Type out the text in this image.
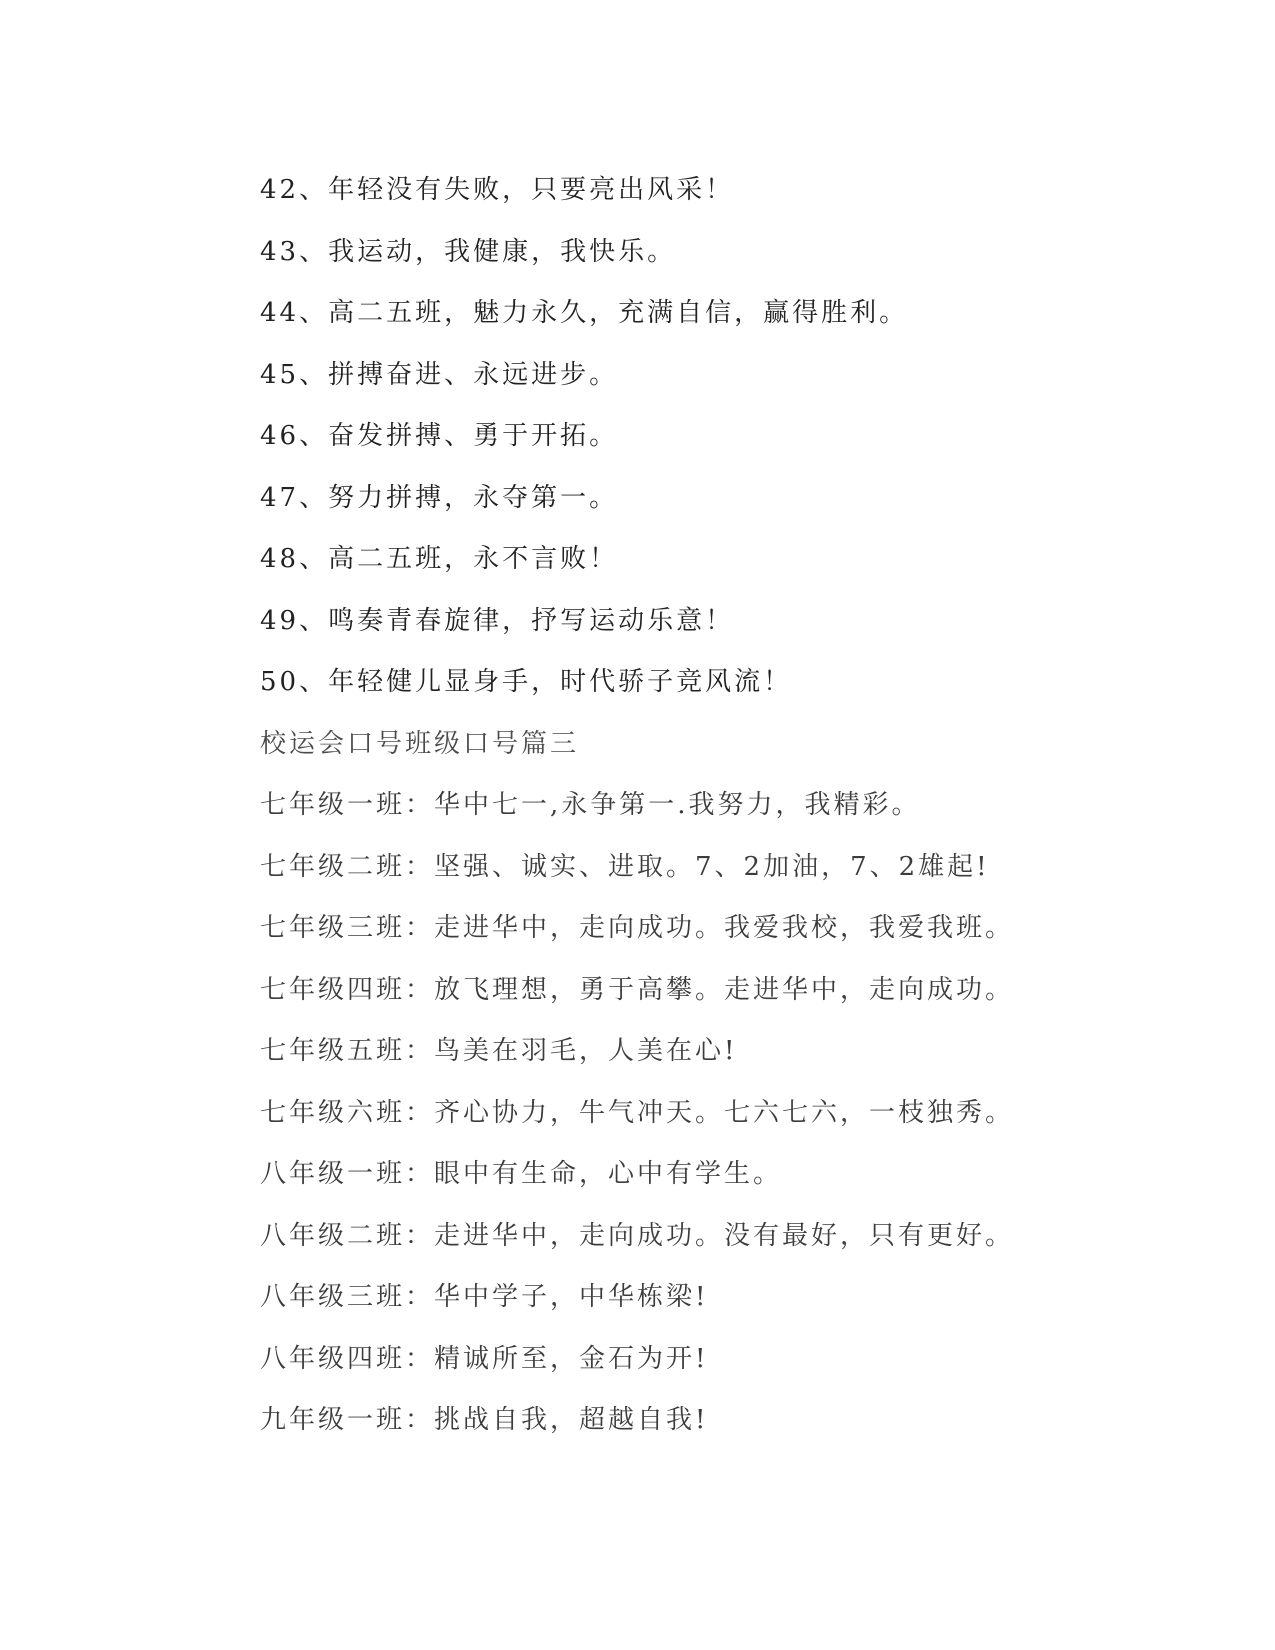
42、年轻没有失败，只要亮出风采！
43、我运动，我健康，我快乐。
44、高二五班，魅力永久，充满自信，赢得胜利。
45、拼搏奋进、永远进步。
46、奋发拼搏、勇于开拓。
47、努力拼搏，永夺第一。
48、高二五班，永不言败！
49、鸣奏青春旋律，抒写运动乐意！
50、年轻健儿显身手，时代骄子竞风流！
校运会口号班级口号篇三
七年级一班：华中七一,永争第一.我努力，我精彩。
七年级二班：坚强、诚实、进取。7、2加油，7、2雄起!
七年级三班：走进华中，走向成功。我爱我校，我爱我班。
七年级四班：放飞理想，勇于高攀。走进华中，走向成功。
七年级五班：鸟美在羽毛，人美在心!
七年级六班：齐心协力，牛气冲天。七六七六，一枝独秀。
八年级一班：眼中有生命，心中有学生。
八年级二班：走进华中，走向成功。没有最好，只有更好。
八年级三班：华中学子，中华栋梁!
八年级四班：精诚所至，金石为开!
九年级一班：挑战自我，超越自我!
